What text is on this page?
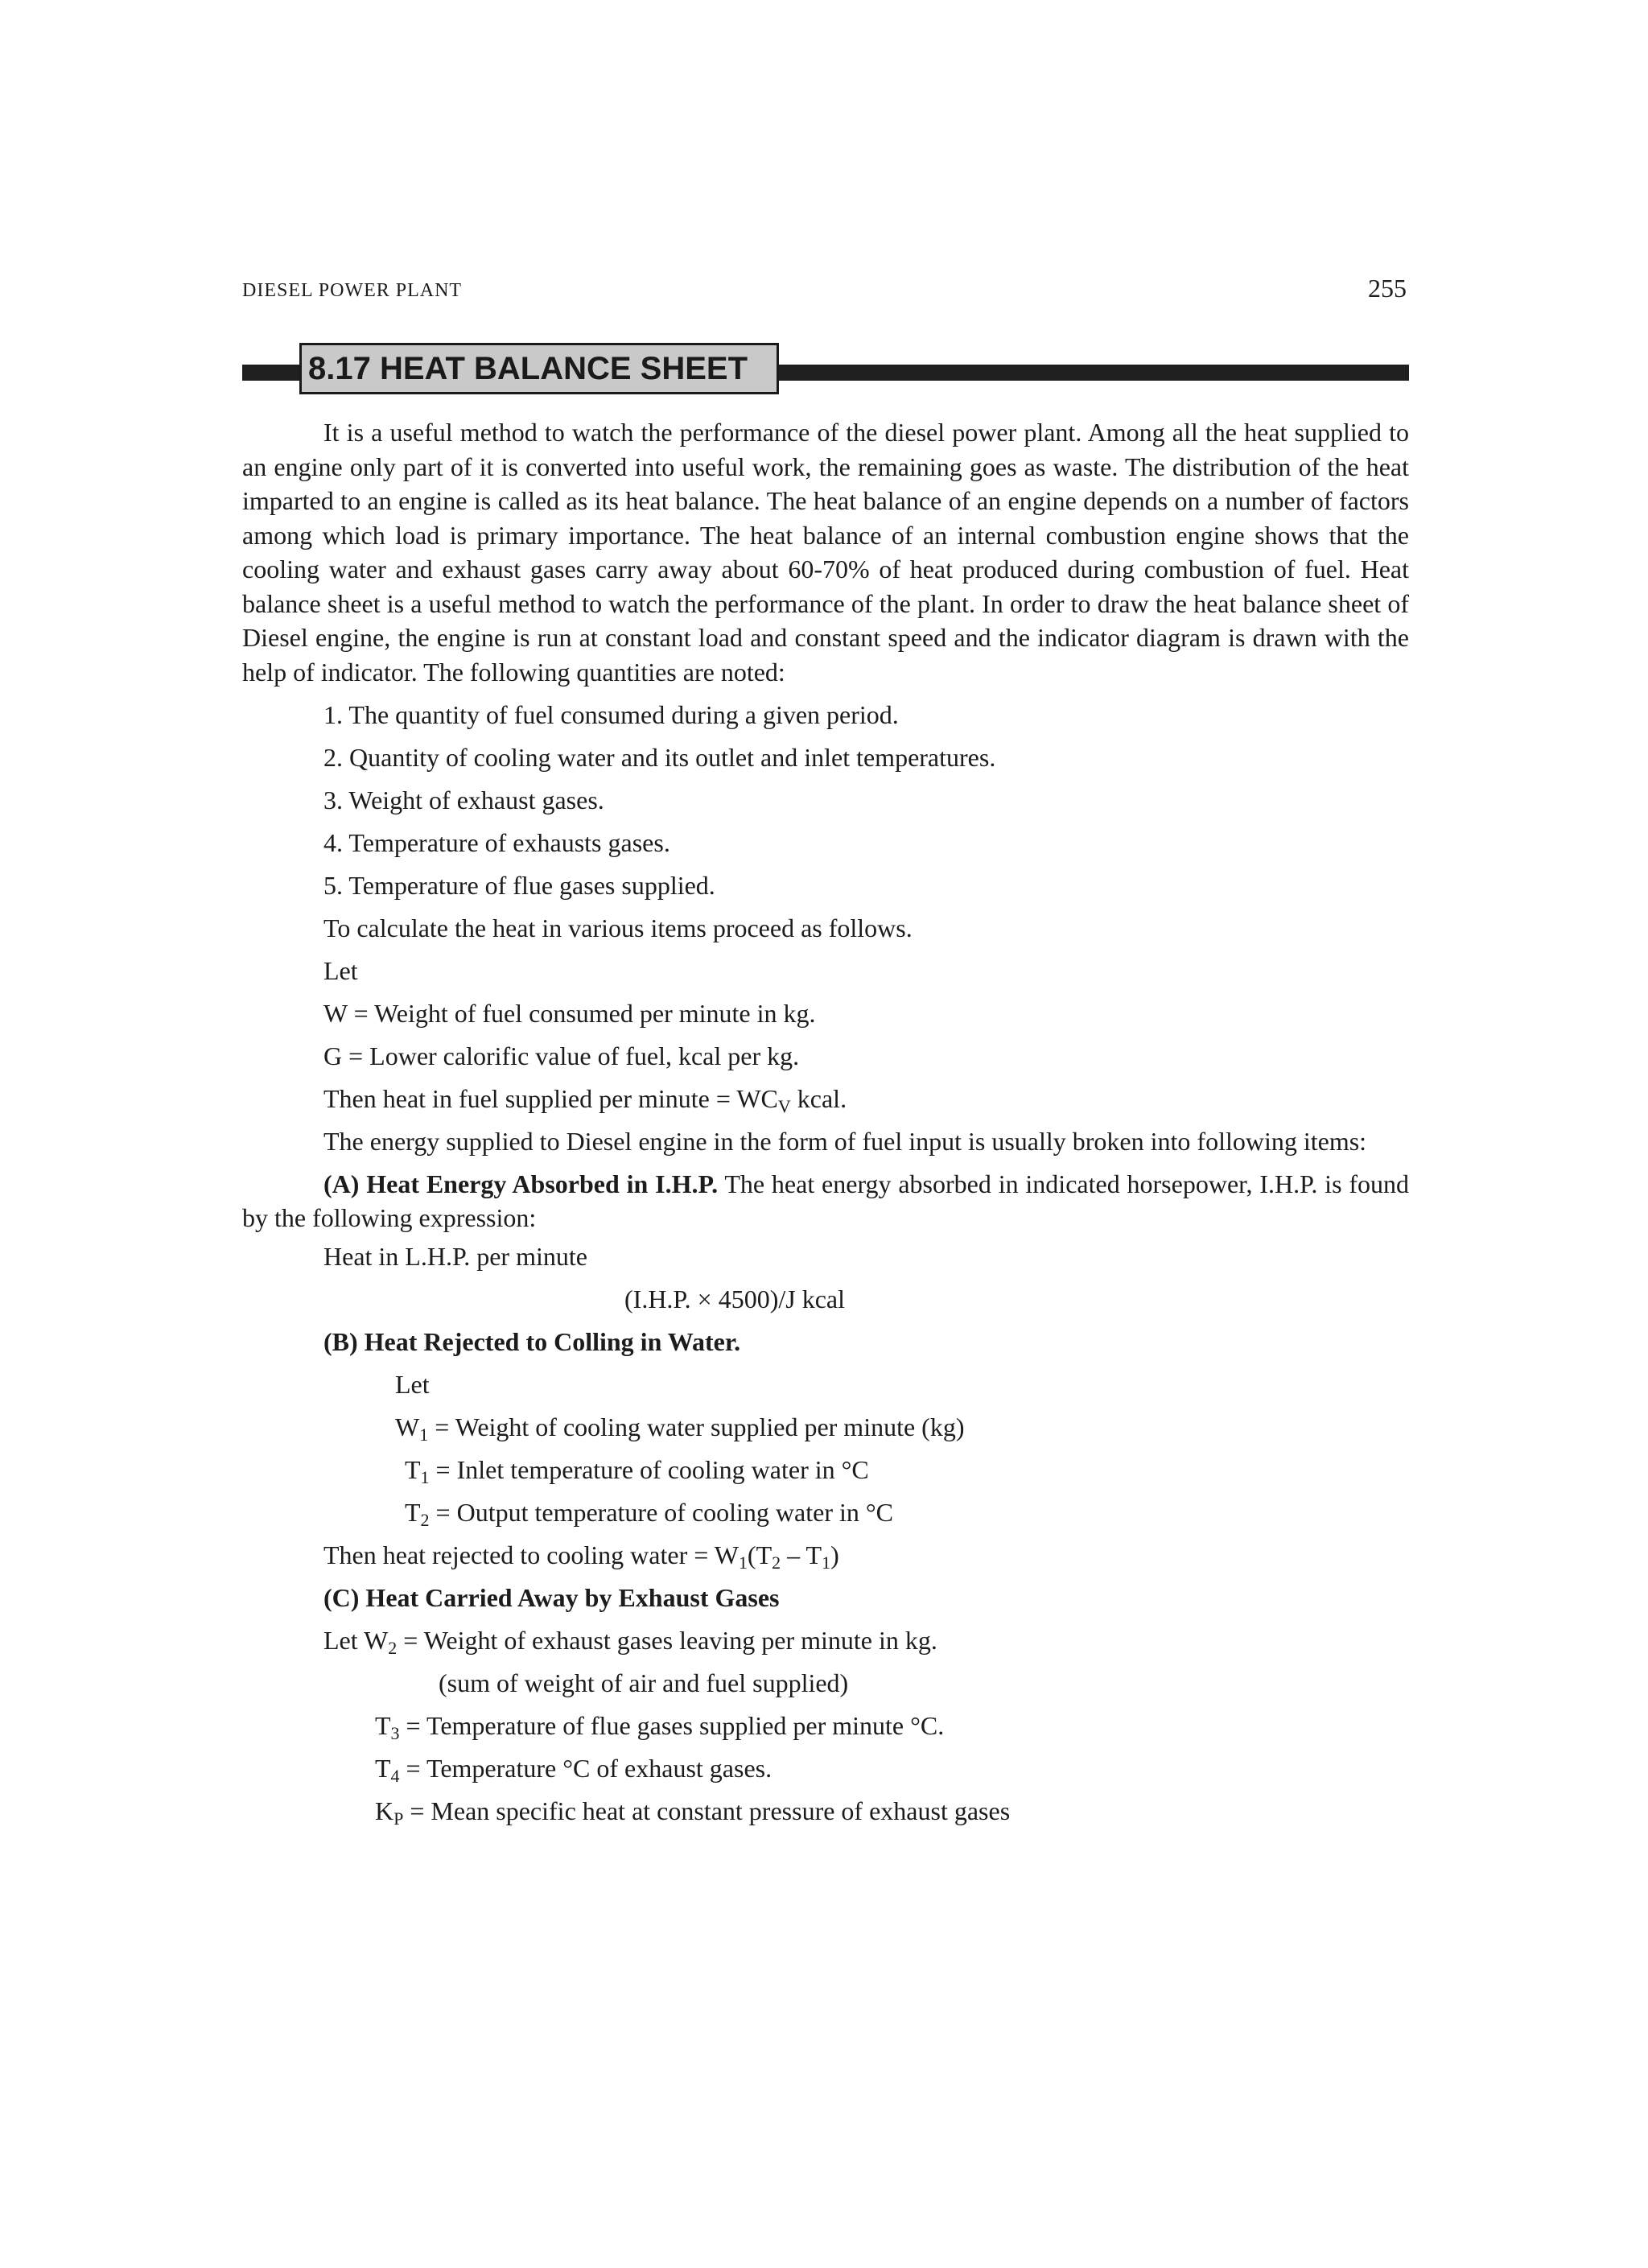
DIESEL POWER PLANT	255
8.17 HEAT BALANCE SHEET

It is a useful method to watch the performance of the diesel power plant. Among all the heat supplied to an engine only part of it is converted into useful work, the remaining goes as waste. The distribution of the heat imparted to an engine is called as its heat balance. The heat balance of an engine depends on a number of factors among which load is primary importance. The heat balance of an internal combustion engine shows that the cooling water and exhaust gases carry away about 60-70% of heat produced during combustion of fuel. Heat balance sheet is a useful method to watch the performance of the plant. In order to draw the heat balance sheet of Diesel engine, the engine is run at constant load and constant speed and the indicator diagram is drawn with the help of indicator. The following quantities are noted:

1. The quantity of fuel consumed during a given period.

2. Quantity of cooling water and its outlet and inlet temperatures.

3. Weight of exhaust gases.

4. Temperature of exhausts gases.

5. Temperature of flue gases supplied.

To calculate the heat in various items proceed as follows.

Let

W = Weight of fuel consumed per minute in kg.

G = Lower calorific value of fuel, kcal per kg.

Then heat in fuel supplied per minute = $WC_V$ kcal.

The energy supplied to Diesel engine in the form of fuel input is usually broken into following items:

(A) Heat Energy Absorbed in I.H.P. The heat energy absorbed in indicated horsepower, I.H.P. is found by the following expression:

Heat in L.H.P. per minute

(I.H.P. × 4500)/J kcal

(B) Heat Rejected to Colling in Water.

Let

$W_1$ = Weight of cooling water supplied per minute (kg)

$T_1$ = Inlet temperature of cooling water in °C

$T_2$ = Output temperature of cooling water in °C

Then heat rejected to cooling water = $W_1(T_2 - T_1)$

(C) Heat Carried Away by Exhaust Gases

Let $W_2$ = Weight of exhaust gases leaving per minute in kg.

(sum of weight of air and fuel supplied)

$T_3$ = Temperature of flue gases supplied per minute °C.

$T_4$ = Temperature °C of exhaust gases.

$K_P$ = Mean specific heat at constant pressure of exhaust gases
